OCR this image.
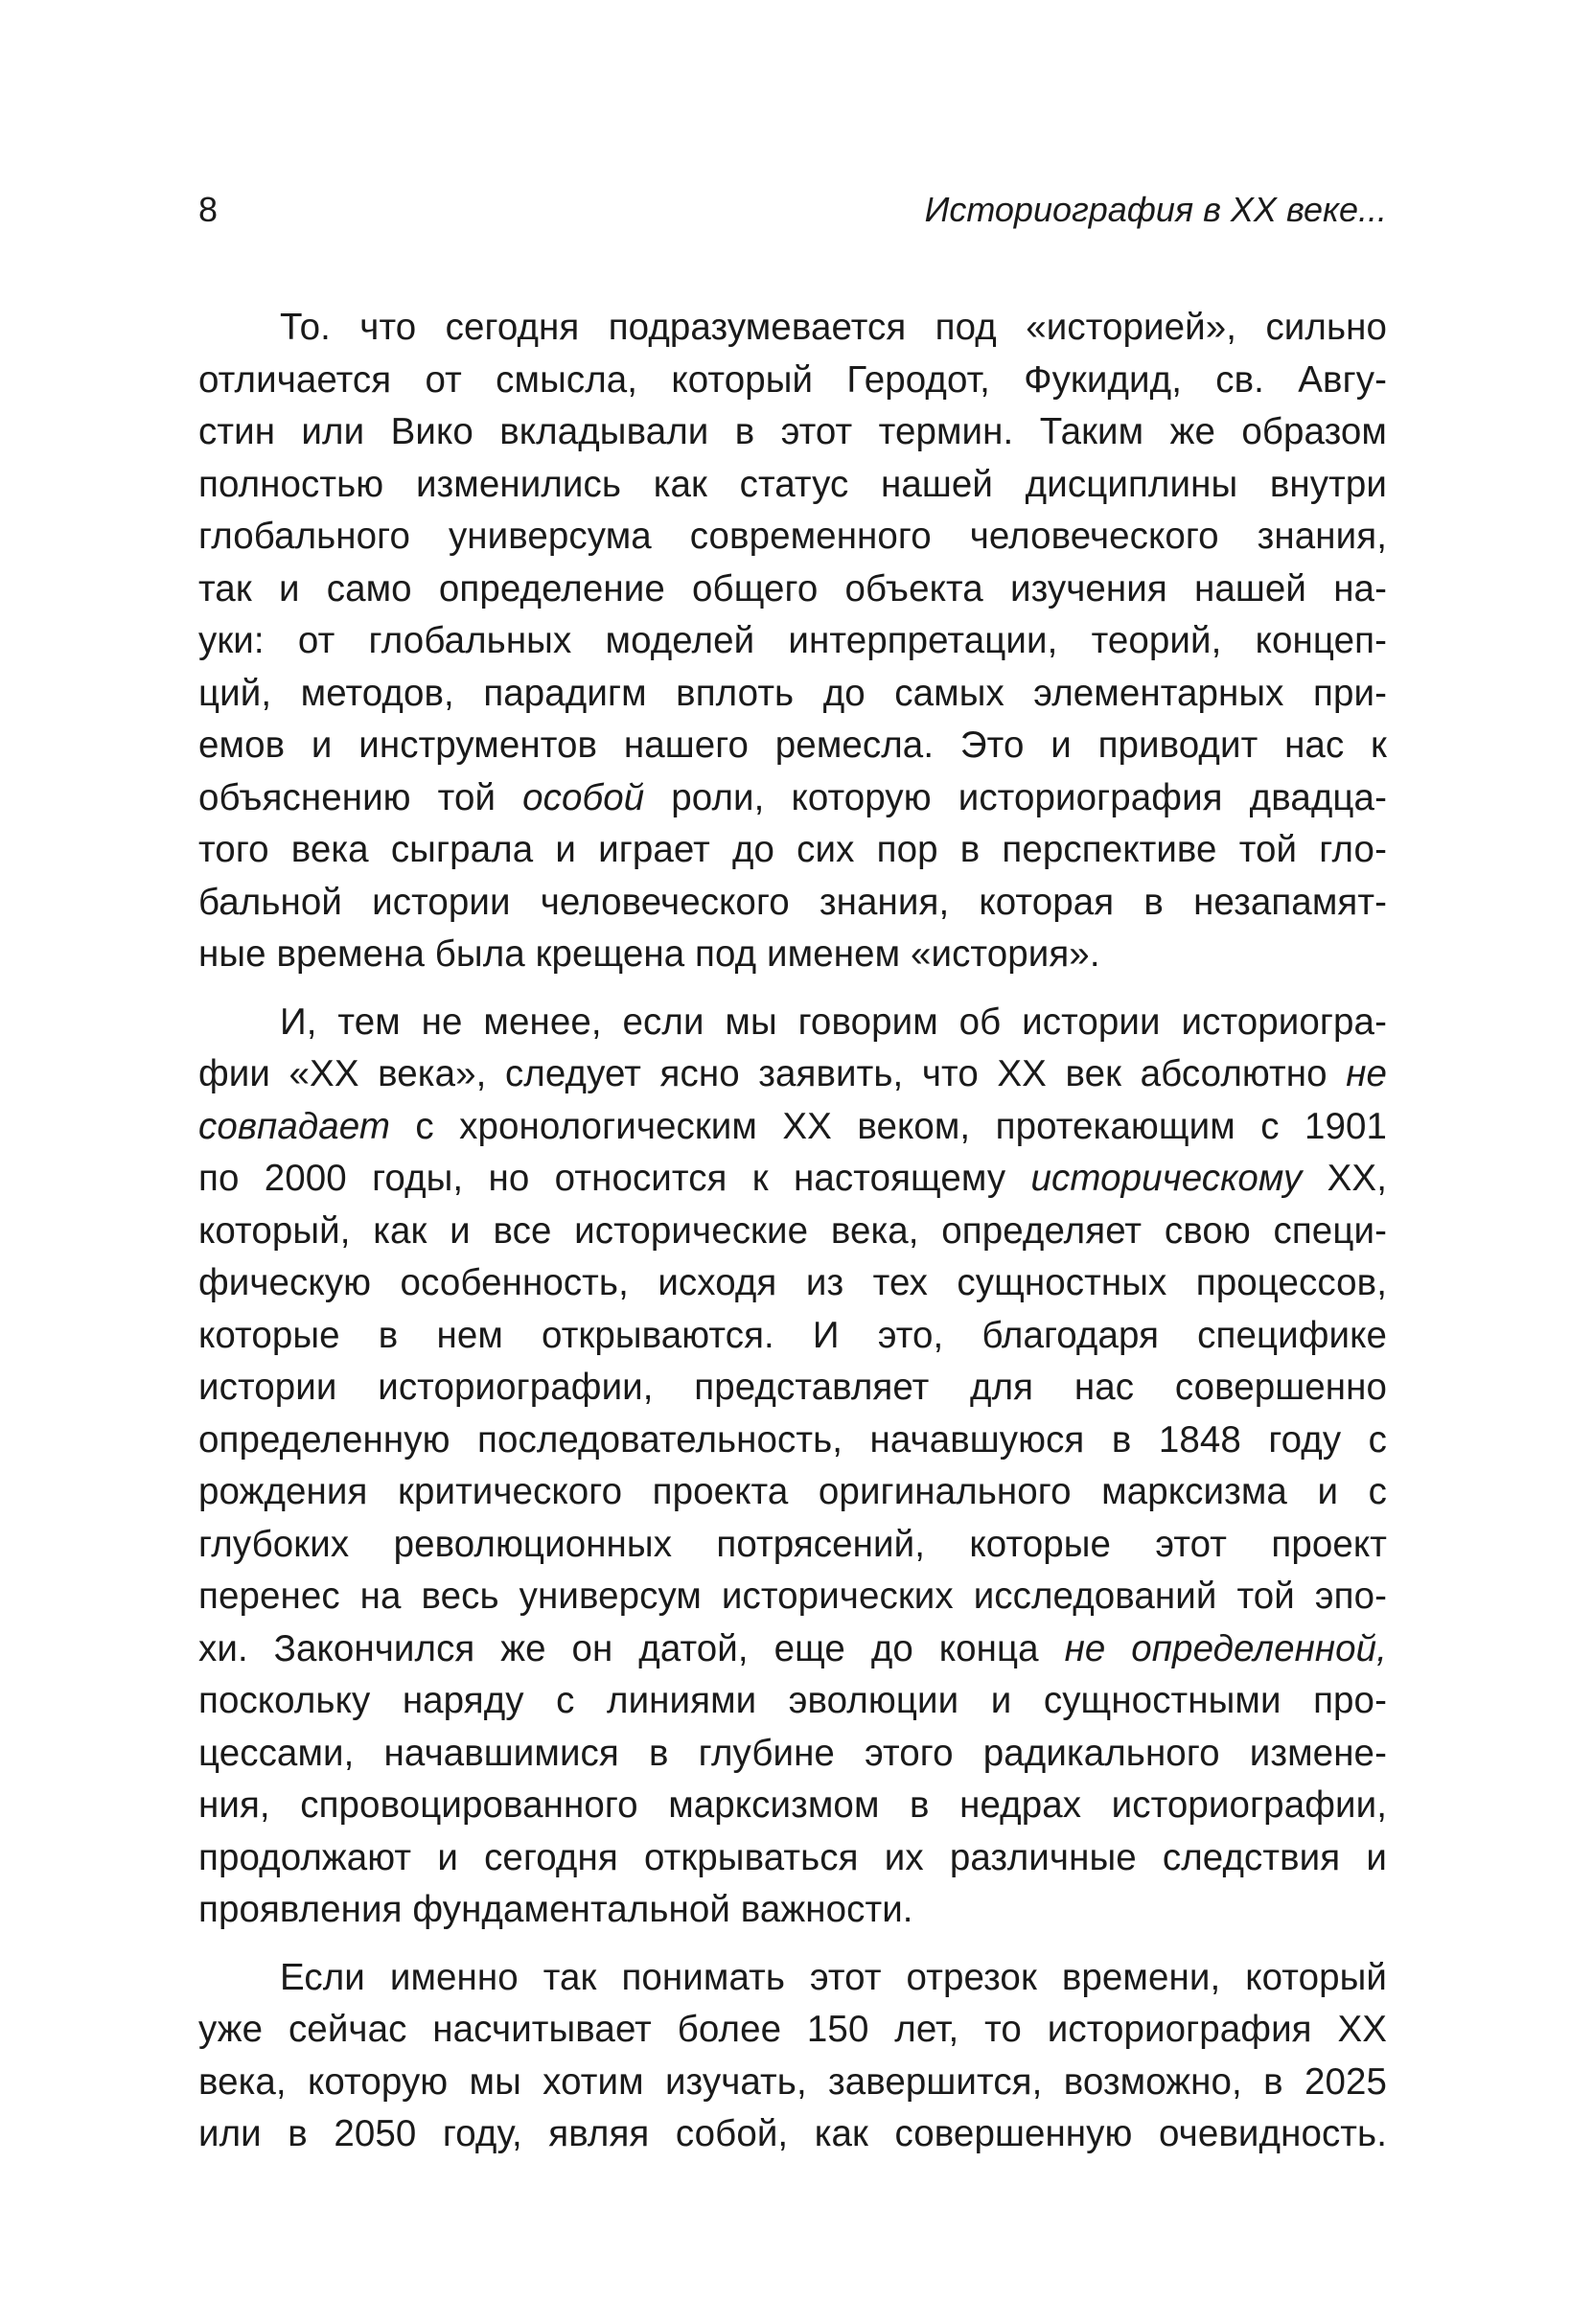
8	Историография в XX веке...
То. что сегодня подразумевается под «историей», сильно
отличается от смысла, который Геродот, Фукидид, св. Авгу-
стин или Вико вкладывали в этот термин. Таким же образом
полностью изменились как статус нашей дисциплины внутри
глобального универсума современного человеческого знания,
так и само определение общего объекта изучения нашей на-
уки: от глобальных моделей интерпретации, теорий, концеп-
ций, методов, парадигм вплоть до самых элементарных при-
емов и инструментов нашего ремесла. Это и приводит нас к
объяснению той особой роли, которую историография двадца-
того века сыграла и играет до сих пор в перспективе той гло-
бальной истории человеческого знания, которая в незапамят-
ные времена была крещена под именем «история».
И, тем не менее, если мы говорим об истории историогра-
фии «XX века», следует ясно заявить, что XX век абсолютно не
совпадает с хронологическим XX веком, протекающим с 1901
по 2000 годы, но относится к настоящему историческому XX,
который, как и все исторические века, определяет свою специ-
фическую особенность, исходя из тех сущностных процессов,
которые в нем открываются. И это, благодаря специфике
истории историографии, представляет для нас совершенно
определенную последовательность, начавшуюся в 1848 году с
рождения критического проекта оригинального марксизма и с
глубоких революционных потрясений, которые этот проект
перенес на весь универсум исторических исследований той эпо-
хи. Закончился же он датой, еще до конца не определенной,
поскольку наряду с линиями эволюции и сущностными про-
цессами, начавшимися в глубине этого радикального измене-
ния, спровоцированного марксизмом в недрах историографии,
продолжают и сегодня открываться их различные следствия и
проявления фундаментальной важности.
Если именно так понимать этот отрезок времени, который
уже сейчас насчитывает более 150 лет, то историография XX
века, которую мы хотим изучать, завершится, возможно, в 2025
или в 2050 году, являя собой, как совершенную очевидность.
